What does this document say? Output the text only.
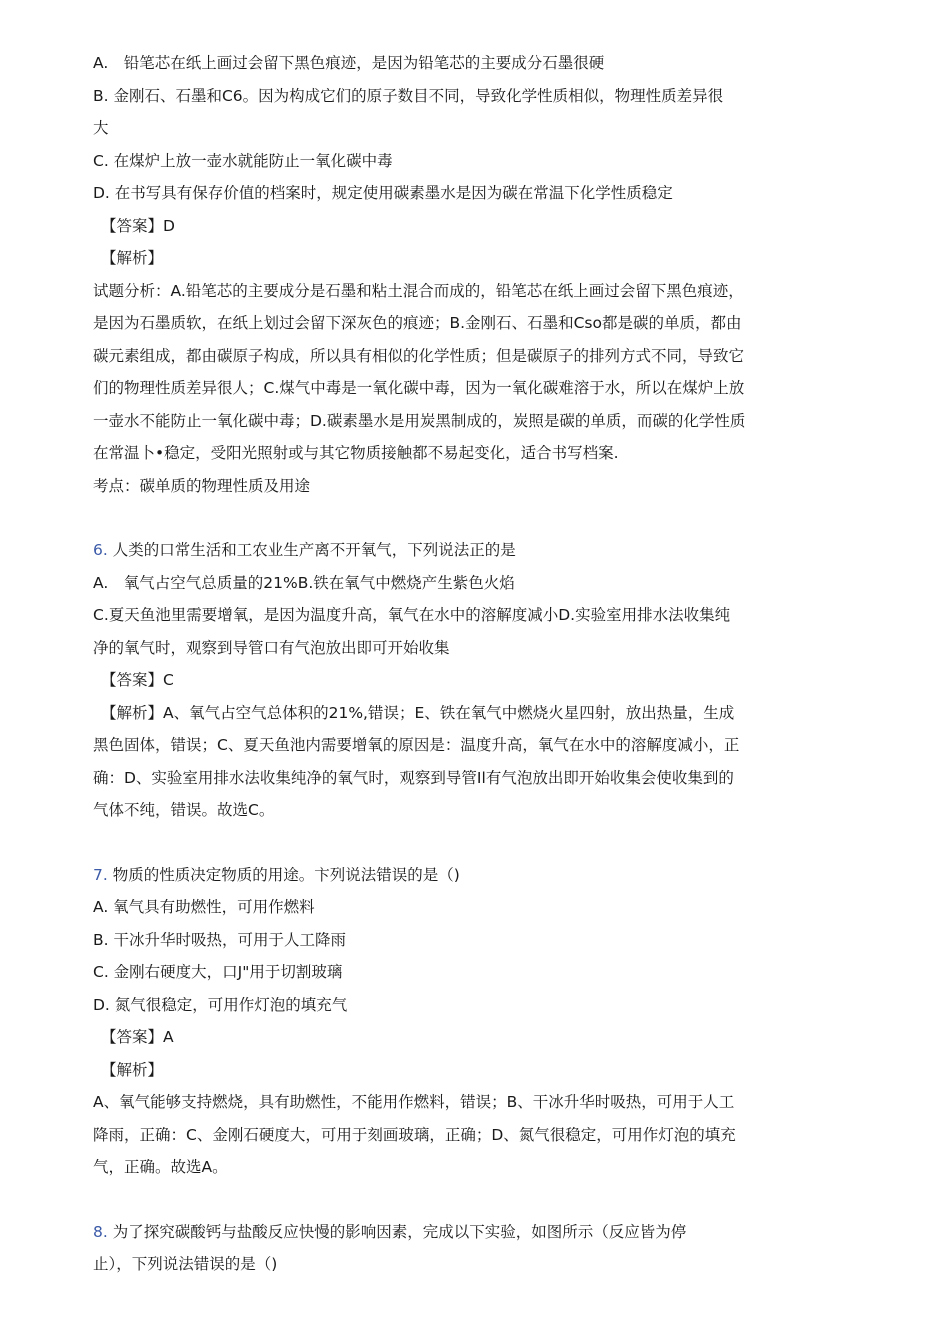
A.　铅笔芯在纸上画过会留下黑色痕迹，是因为铅笔芯的主要成分石墨很硬
B. 金刚石、石墨和C6。因为构成它们的原子数目不同，导致化学性质相似，物理性质差异很
大
C. 在煤炉上放一壶水就能防止一氧化碳中毒
D. 在书写具有保存价值的档案时，规定使用碳素墨水是因为碳在常温下化学性质稳定
【答案】D
【解析】
试题分析：A.铅笔芯的主要成分是石墨和粘土混合而成的，铅笔芯在纸上画过会留下黑色痕迹，
是因为石墨质软，在纸上划过会留下深灰色的痕迹；B.金刚石、石墨和Cso都是碳的单质，都由
碳元素组成，都由碳原子构成，所以具有相似的化学性质；但是碳原子的排列方式不同，导致它
们的物理性质差异很人；C.煤气中毒是一氧化碳中毒，因为一氧化碳难溶于水，所以在煤炉上放
一壶水不能防止一氧化碳中毒；D.碳素墨水是用炭黑制成的，炭照是碳的单质，而碳的化学性质
在常温卜•稳定，受阳光照射或与其它物质接触都不易起变化，适合书写档案.
考点：碳单质的物理性质及用途
6. 人类的口常生活和工农业生产离不开氧气，下列说法正的是
A.　氧气占空气总质量的21%B.铁在氧气中燃烧产生紫色火焰
C.夏天鱼池里需要增氧，是因为温度升高，氧气在水中的溶解度减小D.实验室用排水法收集纯
净的氧气时，观察到导管口有气泡放出即可开始收集
【答案】C
【解析】A、氧气占空气总体积的21%,错误；E、铁在氧气中燃烧火星四射，放出热量，生成
黑色固体，错误；C、夏天鱼池内需要增氧的原因是：温度升高，氧气在水中的溶解度减小，正
确：D、实验室用排水法收集纯净的氧气时，观察到导管Il有气泡放出即开始收集会使收集到的
气体不纯，错误。故选C。
7. 物质的性质决定物质的用途。卞列说法错误的是（)
A. 氧气具有助燃性，可用作燃料
B. 干冰升华时吸热，可用于人工降雨
C. 金刚右硬度大，口J"用于切割玻璃
D. 氮气很稳定，可用作灯泡的填充气
【答案】A
【解析】
A、氧气能够支持燃烧，具有助燃性，不能用作燃料，错误；B、干冰升华时吸热，可用于人工
降雨，正确：C、金刚石硬度大，可用于刻画玻璃，正确；D、氮气很稳定，可用作灯泡的填充
气，正确。故选A。
8. 为了探究碳酸钙与盐酸反应快慢的影响因素，完成以下实验，如图所示（反应皆为停
止），下列说法错误的是（)
